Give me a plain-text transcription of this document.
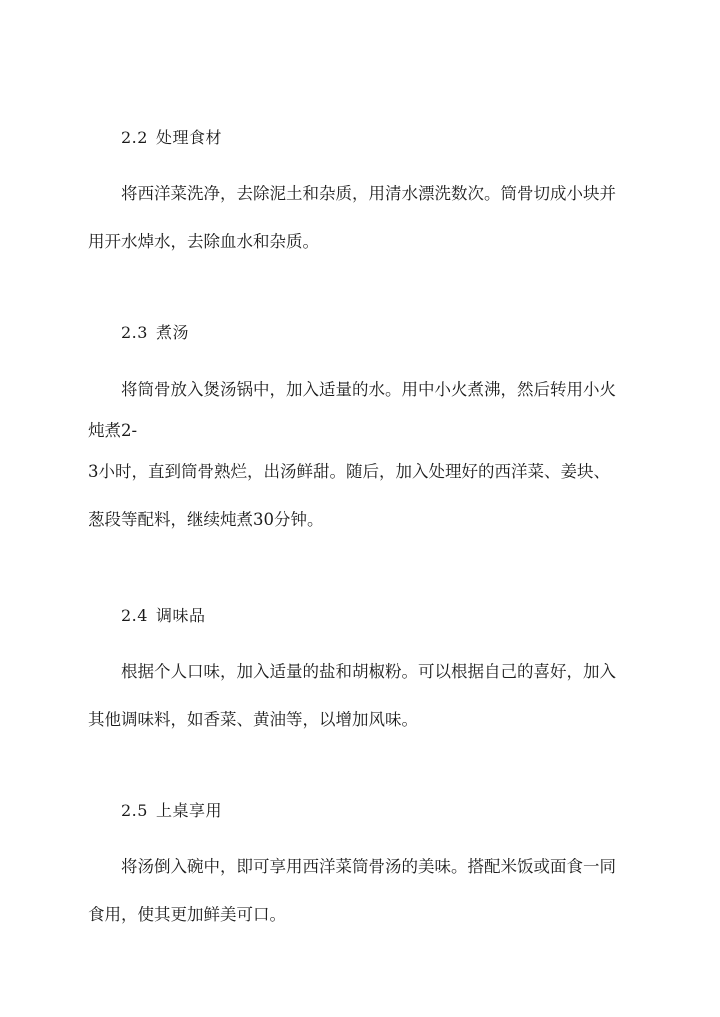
2.2 处理食材
将西洋菜洗净，去除泥土和杂质，用清水漂洗数次。筒骨切成小块并
用开水焯水，去除血水和杂质。
2.3 煮汤
将筒骨放入煲汤锅中，加入适量的水。用中小火煮沸，然后转用小火
炖煮2-
3小时，直到筒骨熟烂，出汤鲜甜。随后，加入处理好的西洋菜、姜块、
葱段等配料，继续炖煮30分钟。
2.4 调味品
根据个人口味，加入适量的盐和胡椒粉。可以根据自己的喜好，加入
其他调味料，如香菜、黄油等，以增加风味。
2.5 上桌享用
将汤倒入碗中，即可享用西洋菜筒骨汤的美味。搭配米饭或面食一同
食用，使其更加鲜美可口。
